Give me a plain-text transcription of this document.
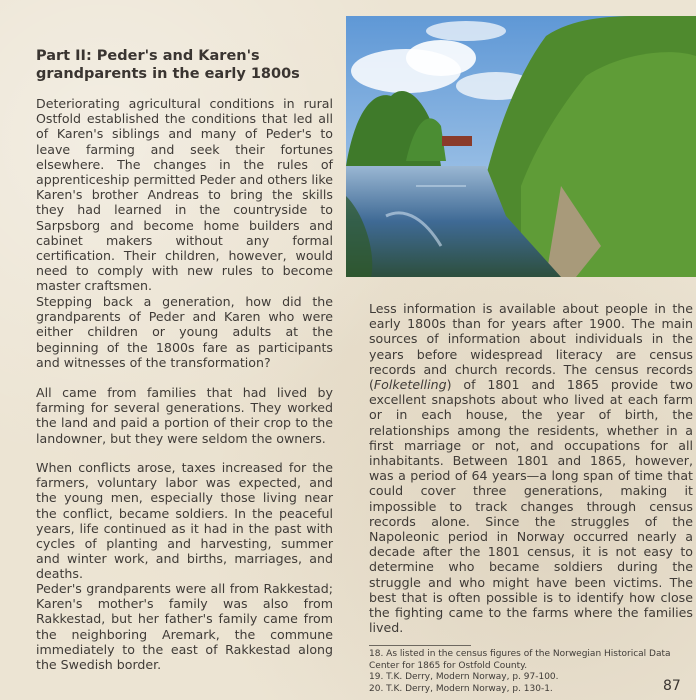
Part II: Peder's and Karen's grandparents in the early 1800s

Deteriorating agricultural conditions in rural Ostfold established the conditions that led all of Karen's siblings and many of Peder's to leave farming and seek their fortunes elsewhere. The changes in the rules of apprenticeship permitted Peder and others like Karen's brother Andreas to bring the skills they had learned in the countryside to Sarpsborg and become home builders and cabinet makers without any formal certification. Their children, however, would need to comply with new rules to become master craftsmen.

Stepping back a generation, how did the grandparents of Peder and Karen who were either children or young adults at the beginning of the 1800s fare as participants and witnesses of the transformation?

All came from families that had lived by farming for several generations. They worked the land and paid a portion of their crop to the landowner, but they were seldom the owners.

When conflicts arose, taxes increased for the farmers, voluntary labor was expected, and the young men, especially those living near the conflict, became soldiers. In the peaceful years, life continued as it had in the past with cycles of planting and harvesting, summer and winter work, and births, marriages, and deaths.

Peder's grandparents were all from Rakkestad; Karen's mother's family was also from Rakkestad, but her father's family came from the neighboring Aremark, the commune immediately to the east of Rakkestad along the Swedish border.

Less information is available about people in the early 1800s than for years after 1900. The main sources of information about individuals in the years before widespread literacy are census records and church records. The census records (Folketelling) of 1801 and 1865 provide two excellent snapshots about who lived at each farm or in each house, the year of birth, the relationships among the residents, whether in a first marriage or not, and occupations for all inhabitants. Between 1801 and 1865, however, was a period of 64 years—a long span of time that could cover three generations, making it impossible to track changes through census records alone. Since the struggles of the Napoleonic period in Norway occurred nearly a decade after the 1801 census, it is not easy to determine who became soldiers during the struggle and who might have been victims. The best that is often possible is to identify how close the fighting came to the farms where the families lived.

18. As listed in the census figures of the Norwegian Historical Data Center for 1865 for Ostfold County.
19. T.K. Derry, Modern Norway, p. 97-100.
20. T.K. Derry, Modern Norway, p. 130-1.	87
